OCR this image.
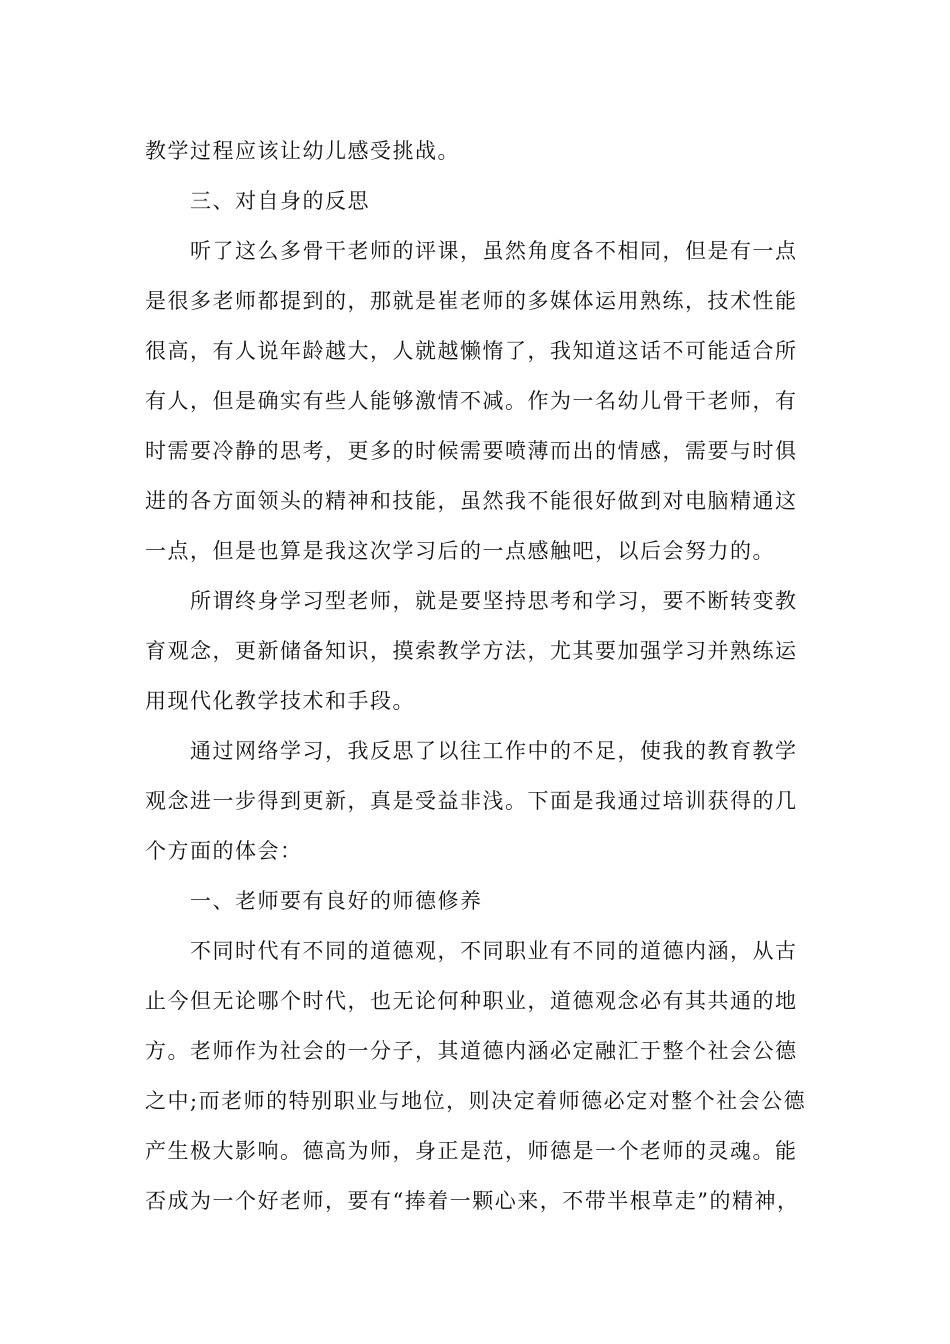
教学过程应该让幼儿感受挑战。
三、对自身的反思
听了这么多骨干老师的评课，虽然角度各不相同，但是有一点
是很多老师都提到的，那就是崔老师的多媒体运用熟练，技术性能
很高，有人说年龄越大，人就越懒惰了，我知道这话不可能适合所
有人，但是确实有些人能够激情不减。作为一名幼儿骨干老师，有
时需要冷静的思考，更多的时候需要喷薄而出的情感，需要与时俱
进的各方面领头的精神和技能，虽然我不能很好做到对电脑精通这
一点，但是也算是我这次学习后的一点感触吧，以后会努力的。
所谓终身学习型老师，就是要坚持思考和学习，要不断转变教
育观念，更新储备知识，摸索教学方法，尤其要加强学习并熟练运
用现代化教学技术和手段。
通过网络学习，我反思了以往工作中的不足，使我的教育教学
观念进一步得到更新，真是受益非浅。下面是我通过培训获得的几
个方面的体会：
一、老师要有良好的师德修养
不同时代有不同的道德观，不同职业有不同的道德内涵，从古
止今但无论哪个时代，也无论何种职业，道德观念必有其共通的地
方。老师作为社会的一分子，其道德内涵必定融汇于整个社会公德
之中;而老师的特别职业与地位，则决定着师德必定对整个社会公德
产生极大影响。德高为师，身正是范，师德是一个老师的灵魂。能
否成为一个好老师，要有“捧着一颗心来，不带半根草走”的精神，
